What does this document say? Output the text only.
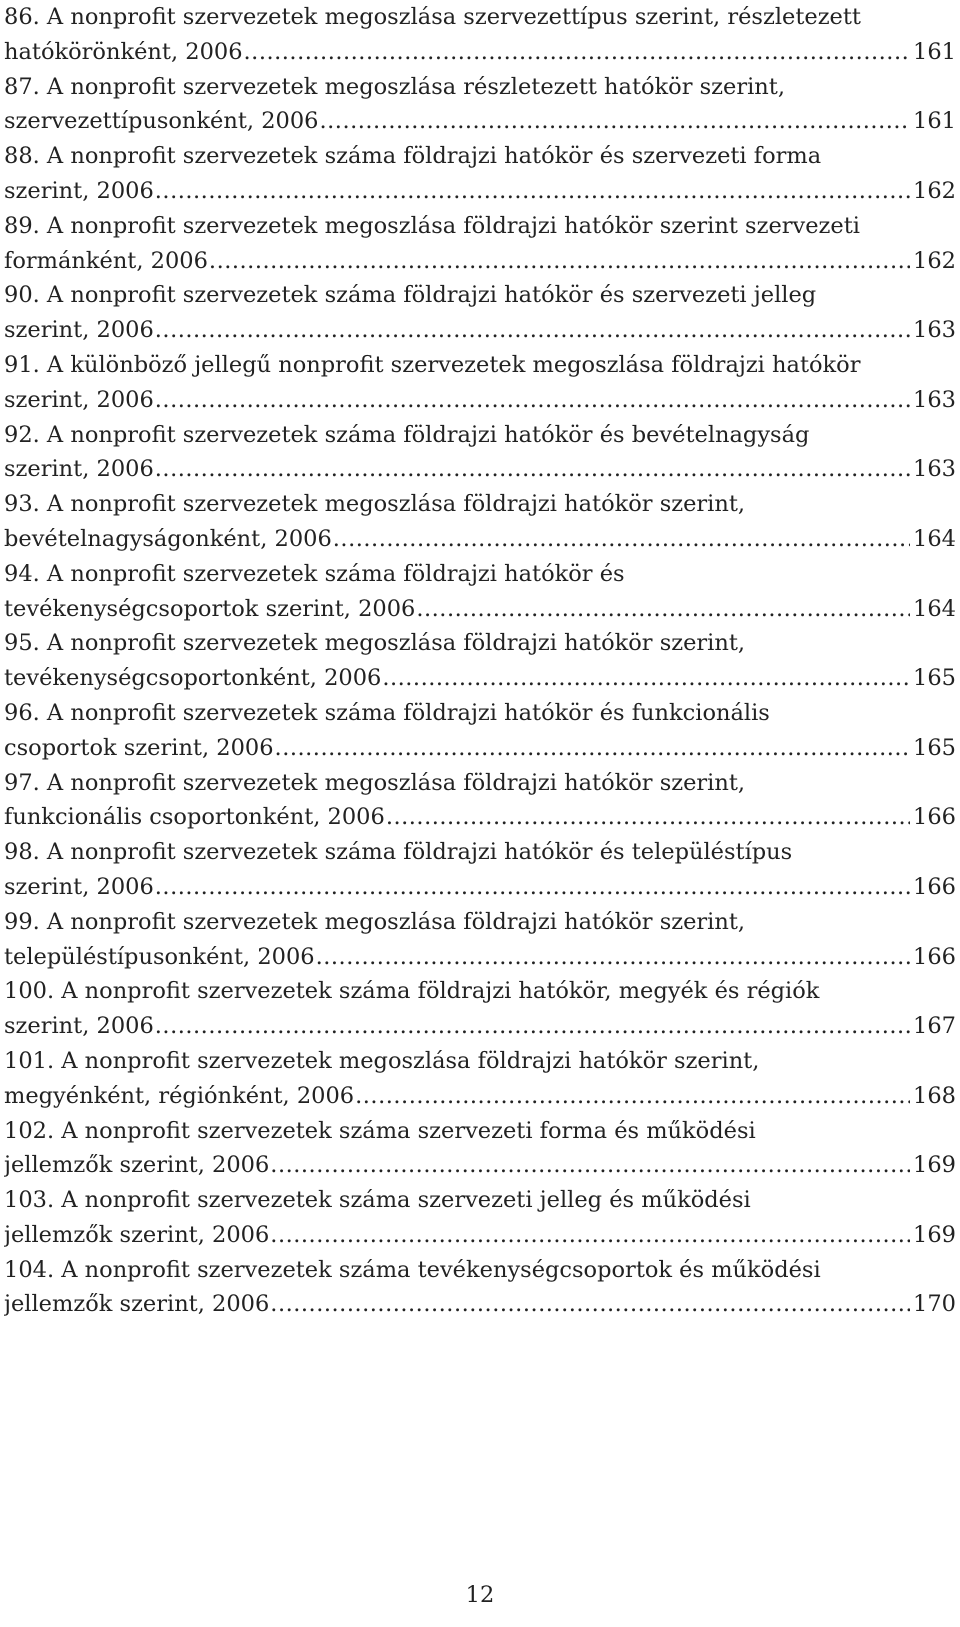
86. A nonprofit szervezetek megoszlása szervezettípus szerint, részletezett
hatókörönként, 2006 .....	161
87. A nonprofit szervezetek megoszlása részletezett hatókör szerint,
szervezettípusonként, 2006 .....	161
88. A nonprofit szervezetek száma földrajzi hatókör és szervezeti forma
szerint, 2006 .....	162
89. A nonprofit szervezetek megoszlása földrajzi hatókör szerint szervezeti
formánként, 2006 .....	162
90. A nonprofit szervezetek száma földrajzi hatókör és szervezeti jelleg
szerint, 2006 .....	163
91. A különböző jellegű nonprofit szervezetek megoszlása földrajzi hatókör
szerint, 2006 .....	163
92. A nonprofit szervezetek száma földrajzi hatókör és bevételnagyság
szerint, 2006 .....	163
93. A nonprofit szervezetek megoszlása földrajzi hatókör szerint,
bevételnagyságonként, 2006 .....	164
94. A nonprofit szervezetek száma földrajzi hatókör és
tevékenységcsoportok szerint, 2006 .....	164
95. A nonprofit szervezetek megoszlása földrajzi hatókör szerint,
tevékenységcsoportonként, 2006 .....	165
96. A nonprofit szervezetek száma földrajzi hatókör és funkcionális
csoportok szerint, 2006 .....	165
97. A nonprofit szervezetek megoszlása földrajzi hatókör szerint,
funkcionális csoportonként, 2006 .....	166
98. A nonprofit szervezetek száma földrajzi hatókör és településtípus
szerint, 2006 .....	166
99. A nonprofit szervezetek megoszlása földrajzi hatókör szerint,
településtípusonként, 2006 .....	166
100. A nonprofit szervezetek száma földrajzi hatókör, megyék és régiók
szerint, 2006 .....	167
101. A nonprofit szervezetek megoszlása földrajzi hatókör szerint,
megyénként, régiónként, 2006 .....	168
102. A nonprofit szervezetek száma szervezeti forma és működési
jellemzők szerint, 2006 .....	169
103. A nonprofit szervezetek száma szervezeti jelleg és működési
jellemzők szerint, 2006 .....	169
104. A nonprofit szervezetek száma tevékenységcsoportok és működési
jellemzők szerint, 2006 .....	170
12
